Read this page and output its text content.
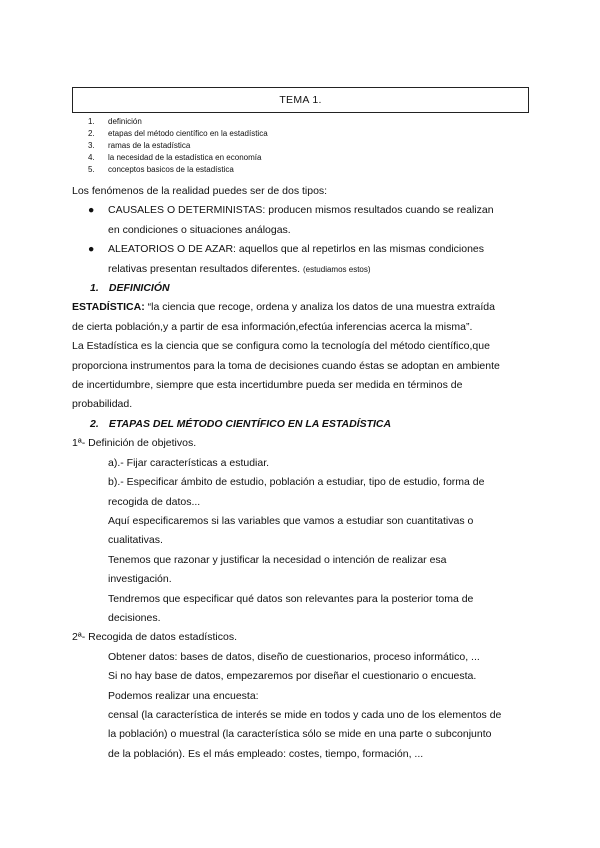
TEMA 1.
1.	definición
2.	etapas del método científico en la estadística
3.	ramas de la estadística
4.	la necesidad de la estadística en economía
5.	conceptos basicos de la estadística

Los fenómenos de la realidad puedes ser de dos tipos:

● CAUSALES O DETERMINISTAS: producen mismos resultados cuando se realizan

en condiciones o situaciones análogas.

● ALEATORIOS O DE AZAR: aquellos que al repetirlos en las mismas condiciones

relativas presentan resultados diferentes. (estudiamos estos)

1. DEFINICIÓN

ESTADÍSTICA: “la ciencia que recoge, ordena y analiza los datos de una muestra extraída

de cierta población,y a partir de esa información,efectúa inferencias acerca la misma”.

La Estadística es la ciencia que se configura como la tecnología del método científico,que

proporciona instrumentos para la toma de decisiones cuando éstas se adoptan en ambiente

de incertidumbre, siempre que esta incertidumbre pueda ser medida en términos de

probabilidad.

2. ETAPAS DEL MÉTODO CIENTÍFICO EN LA ESTADÍSTICA

1ª- Definición de objetivos.

a).- Fijar características a estudiar.

b).- Especificar ámbito de estudio, población a estudiar, tipo de estudio, forma de

recogida de datos...

Aquí especificaremos si las variables que vamos a estudiar son cuantitativas o

cualitativas.

Tenemos que razonar y justificar la necesidad o intención de realizar esa

investigación.

Tendremos que especificar qué datos son relevantes para la posterior toma de

decisiones.

2ª- Recogida de datos estadísticos.

Obtener datos: bases de datos, diseño de cuestionarios, proceso informático, ...

Si no hay base de datos, empezaremos por diseñar el cuestionario o encuesta.

Podemos realizar una encuesta:

censal (la característica de interés se mide en todos y cada uno de los elementos de

la población) o muestral (la característica sólo se mide en una parte o subconjunto

de la población). Es el más empleado: costes, tiempo, formación, ...
